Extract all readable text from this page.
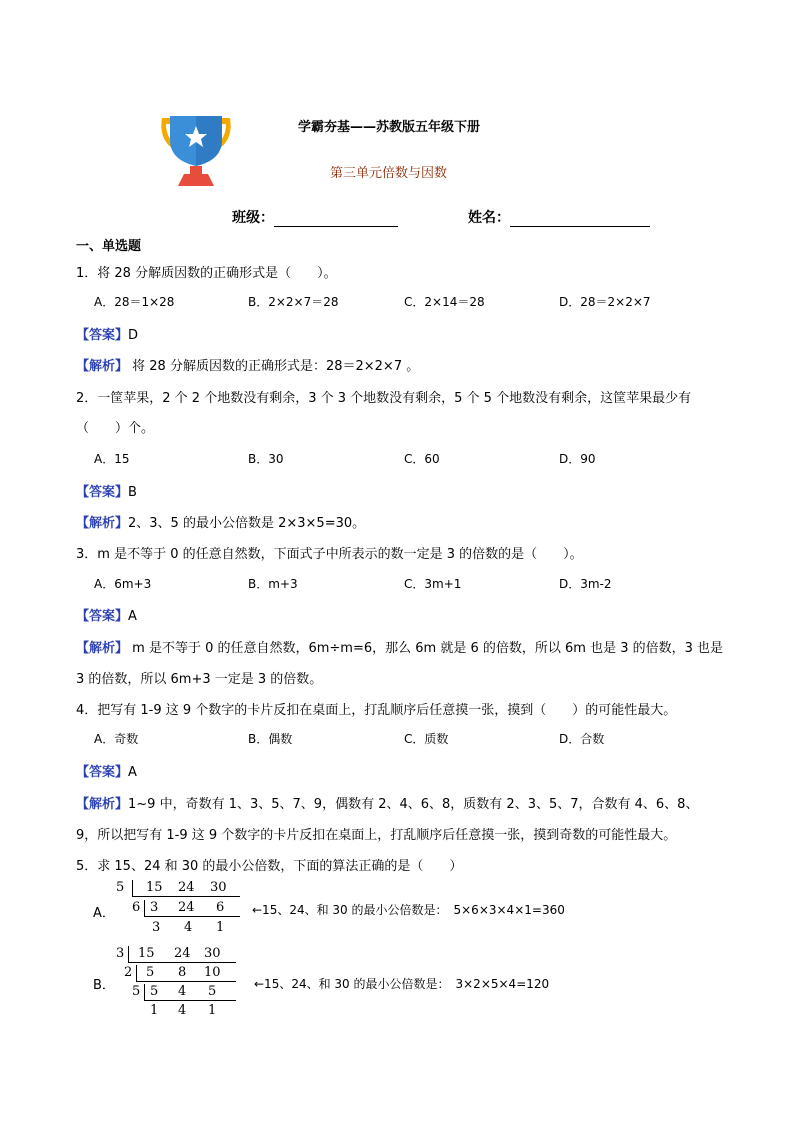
学霸夯基——苏教版五年级下册
第三单元倍数与因数
班级：	姓名：
一、单选题
1．将 28 分解质因数的正确形式是（　　）。
A．28＝1×28	B．2×2×7＝28	C．2×14＝28	D．28＝2×2×7
【答案】D
【解析】 将 28 分解质因数的正确形式是：28＝2×2×7 。
2．一筐苹果，2 个 2 个地数没有剩余，3 个 3 个地数没有剩余，5 个 5 个地数没有剩余，这筐苹果最少有
（　　）个。
A．15	B．30	C．60	D．90
【答案】B
【解析】2、3、5 的最小公倍数是 2×3×5=30。
3．m 是不等于 0 的任意自然数，下面式子中所表示的数一定是 3 的倍数的是（　　）。
A．6m+3	B．m+3	C．3m+1	D．3m-2
【答案】A
【解析】 m 是不等于 0 的任意自然数，6m÷m=6，那么 6m 就是 6 的倍数，所以 6m 也是 3 的倍数，3 也是
3 的倍数，所以 6m+3 一定是 3 的倍数。
4．把写有 1-9 这 9 个数字的卡片反扣在桌面上，打乱顺序后任意摸一张，摸到（　　）的可能性最大。
A．奇数	B．偶数	C．质数	D．合数
【答案】A
【解析】1~9 中，奇数有 1、3、5、7、9，偶数有 2、4、6、8，质数有 2、3、5、7，合数有 4、6、8、
9，所以把写有 1-9 这 9 个数字的卡片反扣在桌面上，打乱顺序后任意摸一张，摸到奇数的可能性最大。
5．求 15、24 和 30 的最小公倍数，下面的算法正确的是（　　）
A．
5 15 24 30
6 3 24 6
3 4 1
←15、24、和 30 的最小公倍数是：　5×6×3×4×1=360
B．
3 15 24 30
2 5 8 10
5 5 4 5
1 4 1
←15、24、和 30 的最小公倍数是：　3×2×5×4=120
